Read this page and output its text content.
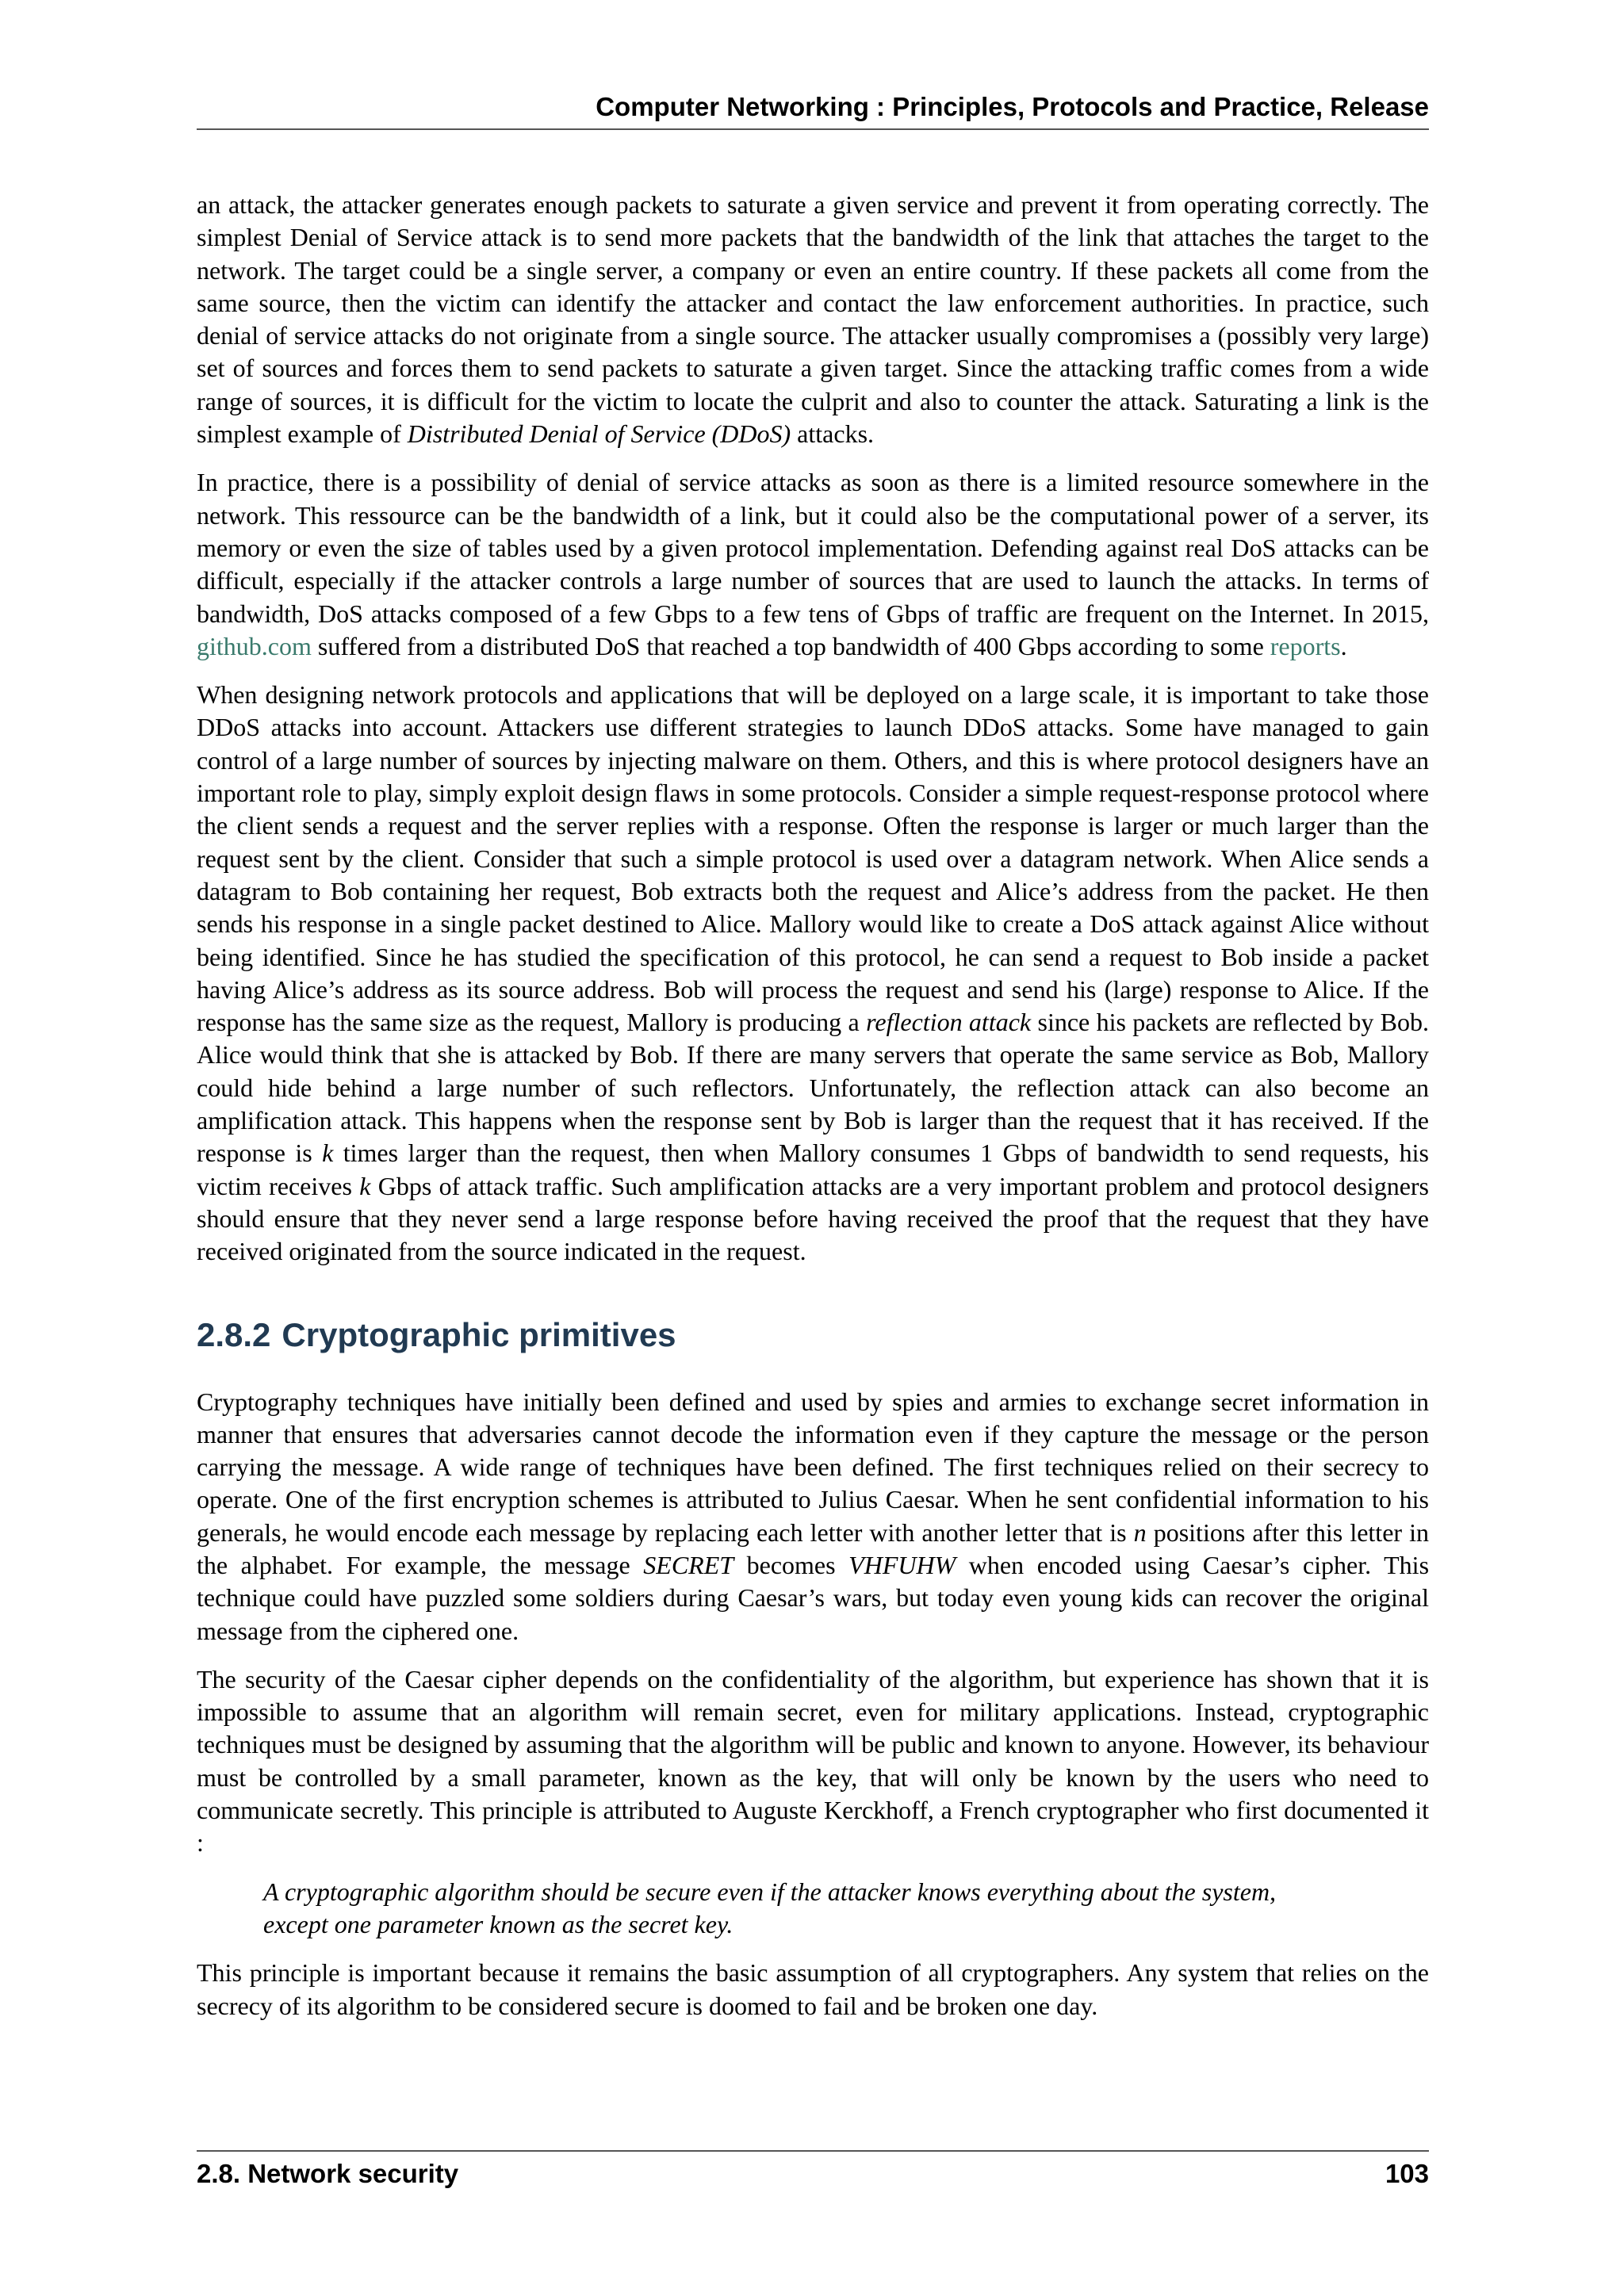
Computer Networking : Principles, Protocols and Practice, Release

an attack, the attacker generates enough packets to saturate a given service and prevent it from operating correctly. The simplest Denial of Service attack is to send more packets that the bandwidth of the link that attaches the target to the network. The target could be a single server, a company or even an entire country. If these packets all come from the same source, then the victim can identify the attacker and contact the law enforcement authorities. In practice, such denial of service attacks do not originate from a single source. The attacker usually compromises a (possibly very large) set of sources and forces them to send packets to saturate a given target. Since the attacking traffic comes from a wide range of sources, it is difficult for the victim to locate the culprit and also to counter the attack. Saturating a link is the simplest example of Distributed Denial of Service (DDoS) attacks.

In practice, there is a possibility of denial of service attacks as soon as there is a limited resource somewhere in the network. This ressource can be the bandwidth of a link, but it could also be the computational power of a server, its memory or even the size of tables used by a given protocol implementation. Defending against real DoS attacks can be difficult, especially if the attacker controls a large number of sources that are used to launch the attacks. In terms of bandwidth, DoS attacks composed of a few Gbps to a few tens of Gbps of traffic are frequent on the Internet. In 2015, github.com suffered from a distributed DoS that reached a top bandwidth of 400 Gbps according to some reports.

When designing network protocols and applications that will be deployed on a large scale, it is important to take those DDoS attacks into account. Attackers use different strategies to launch DDoS attacks. Some have managed to gain control of a large number of sources by injecting malware on them. Others, and this is where protocol designers have an important role to play, simply exploit design flaws in some protocols. Consider a simple request-response protocol where the client sends a request and the server replies with a response. Often the response is larger or much larger than the request sent by the client. Consider that such a simple protocol is used over a datagram network. When Alice sends a datagram to Bob containing her request, Bob extracts both the request and Alice’s address from the packet. He then sends his response in a single packet destined to Alice. Mallory would like to create a DoS attack against Alice without being identified. Since he has studied the specification of this protocol, he can send a request to Bob inside a packet having Alice’s address as its source address. Bob will process the request and send his (large) response to Alice. If the response has the same size as the request, Mallory is producing a reflection attack since his packets are reflected by Bob. Alice would think that she is attacked by Bob. If there are many servers that operate the same service as Bob, Mallory could hide behind a large number of such reflectors. Unfortunately, the reflection attack can also become an amplification attack. This happens when the response sent by Bob is larger than the request that it has received. If the response is k times larger than the request, then when Mallory consumes 1 Gbps of bandwidth to send requests, his victim receives k Gbps of attack traffic. Such amplification attacks are a very important problem and protocol designers should ensure that they never send a large response before having received the proof that the request that they have received originated from the source indicated in the request.

2.8.2 Cryptographic primitives

Cryptography techniques have initially been defined and used by spies and armies to exchange secret information in manner that ensures that adversaries cannot decode the information even if they capture the message or the person carrying the message. A wide range of techniques have been defined. The first techniques relied on their secrecy to operate. One of the first encryption schemes is attributed to Julius Caesar. When he sent confidential information to his generals, he would encode each message by replacing each letter with another letter that is n positions after this letter in the alphabet. For example, the message SECRET becomes VHFUHW when encoded using Caesar’s cipher. This technique could have puzzled some soldiers during Caesar’s wars, but today even young kids can recover the original message from the ciphered one.

The security of the Caesar cipher depends on the confidentiality of the algorithm, but experience has shown that it is impossible to assume that an algorithm will remain secret, even for military applications. Instead, cryptographic techniques must be designed by assuming that the algorithm will be public and known to anyone. However, its behaviour must be controlled by a small parameter, known as the key, that will only be known by the users who need to communicate secretly. This principle is attributed to Auguste Kerckhoff, a French cryptographer who first documented it :

A cryptographic algorithm should be secure even if the attacker knows everything about the system,
except one parameter known as the secret key.

This principle is important because it remains the basic assumption of all cryptographers. Any system that relies on the secrecy of its algorithm to be considered secure is doomed to fail and be broken one day.

2.8. Network security	103
